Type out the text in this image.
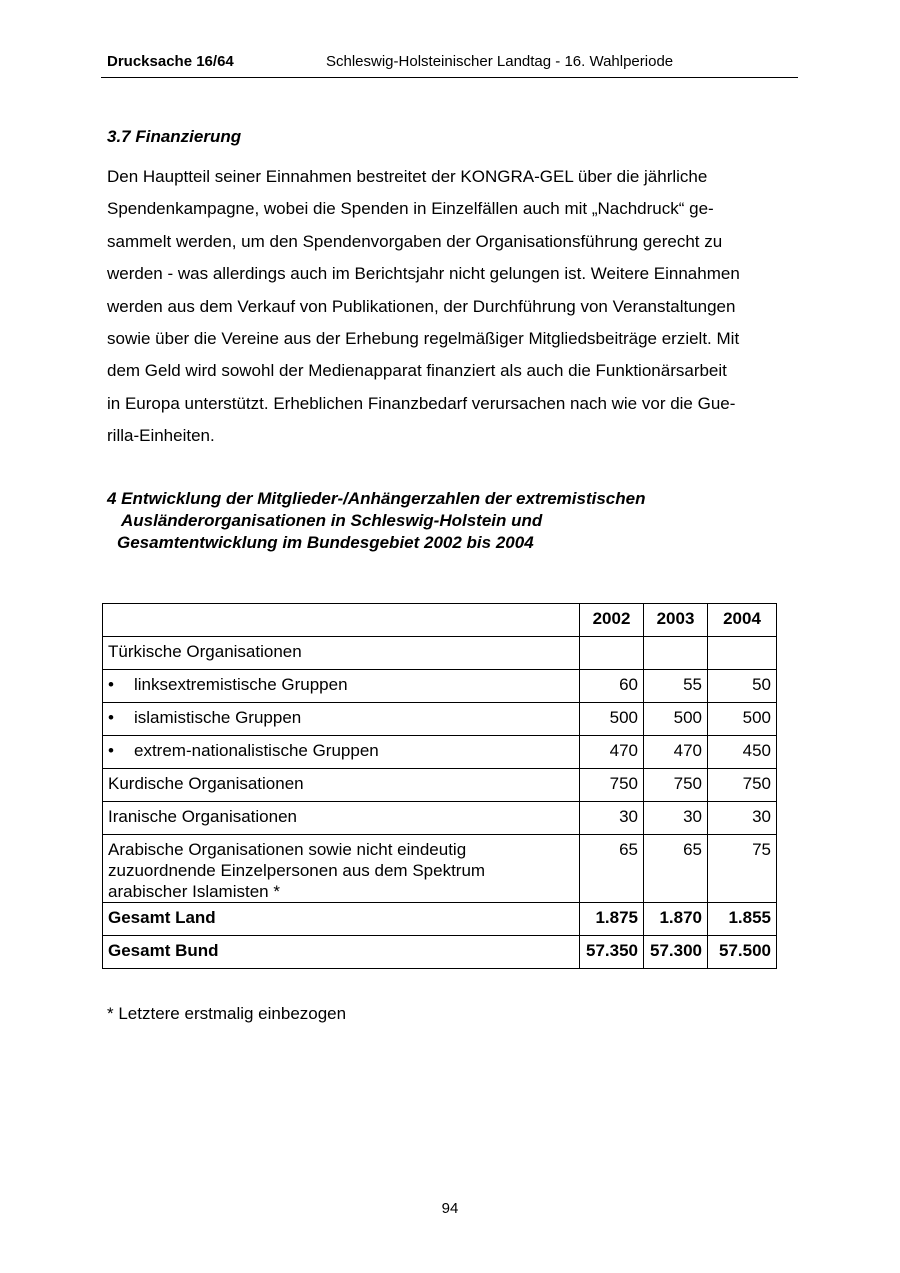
Drucksache 16/64	Schleswig-Holsteinischer Landtag - 16. Wahlperiode
3.7 Finanzierung

Den Hauptteil seiner Einnahmen bestreitet der KONGRA-GEL über die jährliche
Spendenkampagne, wobei die Spenden in Einzelfällen auch mit „Nachdruck“ ge-
sammelt werden, um den Spendenvorgaben der Organisationsführung gerecht zu
werden - was allerdings auch im Berichtsjahr nicht gelungen ist. Weitere Einnahmen
werden aus dem Verkauf von Publikationen, der Durchführung von Veranstaltungen
sowie über die Vereine aus der Erhebung regelmäßiger Mitgliedsbeiträge erzielt. Mit
dem Geld wird sowohl der Medienapparat finanziert als auch die Funktionärsarbeit
in Europa unterstützt. Erheblichen Finanzbedarf verursachen nach wie vor die Gue-
rilla-Einheiten.

4 Entwicklung der Mitglieder-/Anhängerzahlen der extremistischen
Ausländerorganisationen in Schleswig-Holstein und
Gesamtentwicklung im Bundesgebiet 2002 bis 2004
	2002	2003	2004
Türkische Organisationen			
• linksextremistische Gruppen	60	55	50
• islamistische Gruppen	500	500	500
• extrem-nationalistische Gruppen	470	470	450
Kurdische Organisationen	750	750	750
Iranische Organisationen	30	30	30

Arabische Organisationen sowie nicht eindeutig
zuzuordnende Einzelpersonen aus dem Spektrum
arabischer Islamisten *	65	65	75
Gesamt Land	1.875	1.870	1.855
Gesamt Bund	57.350	57.300	57.500

* Letztere erstmalig einbezogen

94
